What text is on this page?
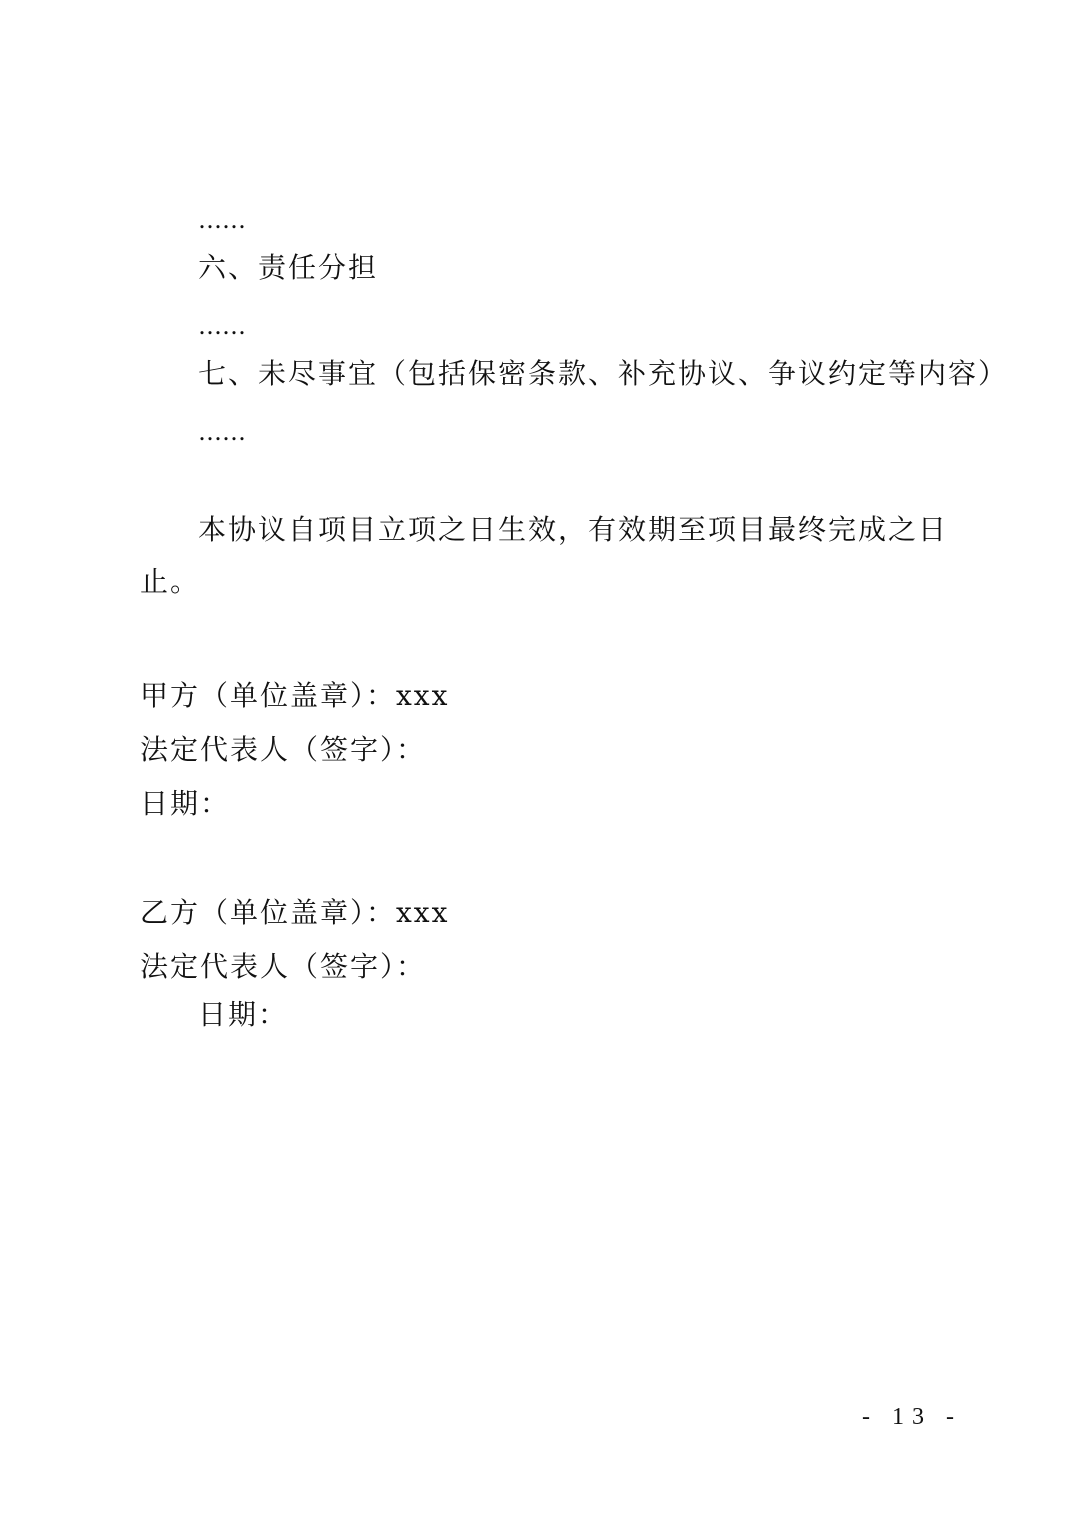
……
六、责任分担
……
七、未尽事宜（包括保密条款、补充协议、争议约定等内容）
……
本协议自项目立项之日生效，有效期至项目最终完成之日
止。
甲方（单位盖章）：xxx
法定代表人（签字）：
日期：
乙方（单位盖章）：xxx
法定代表人（签字）：
日期：
- 13 -
